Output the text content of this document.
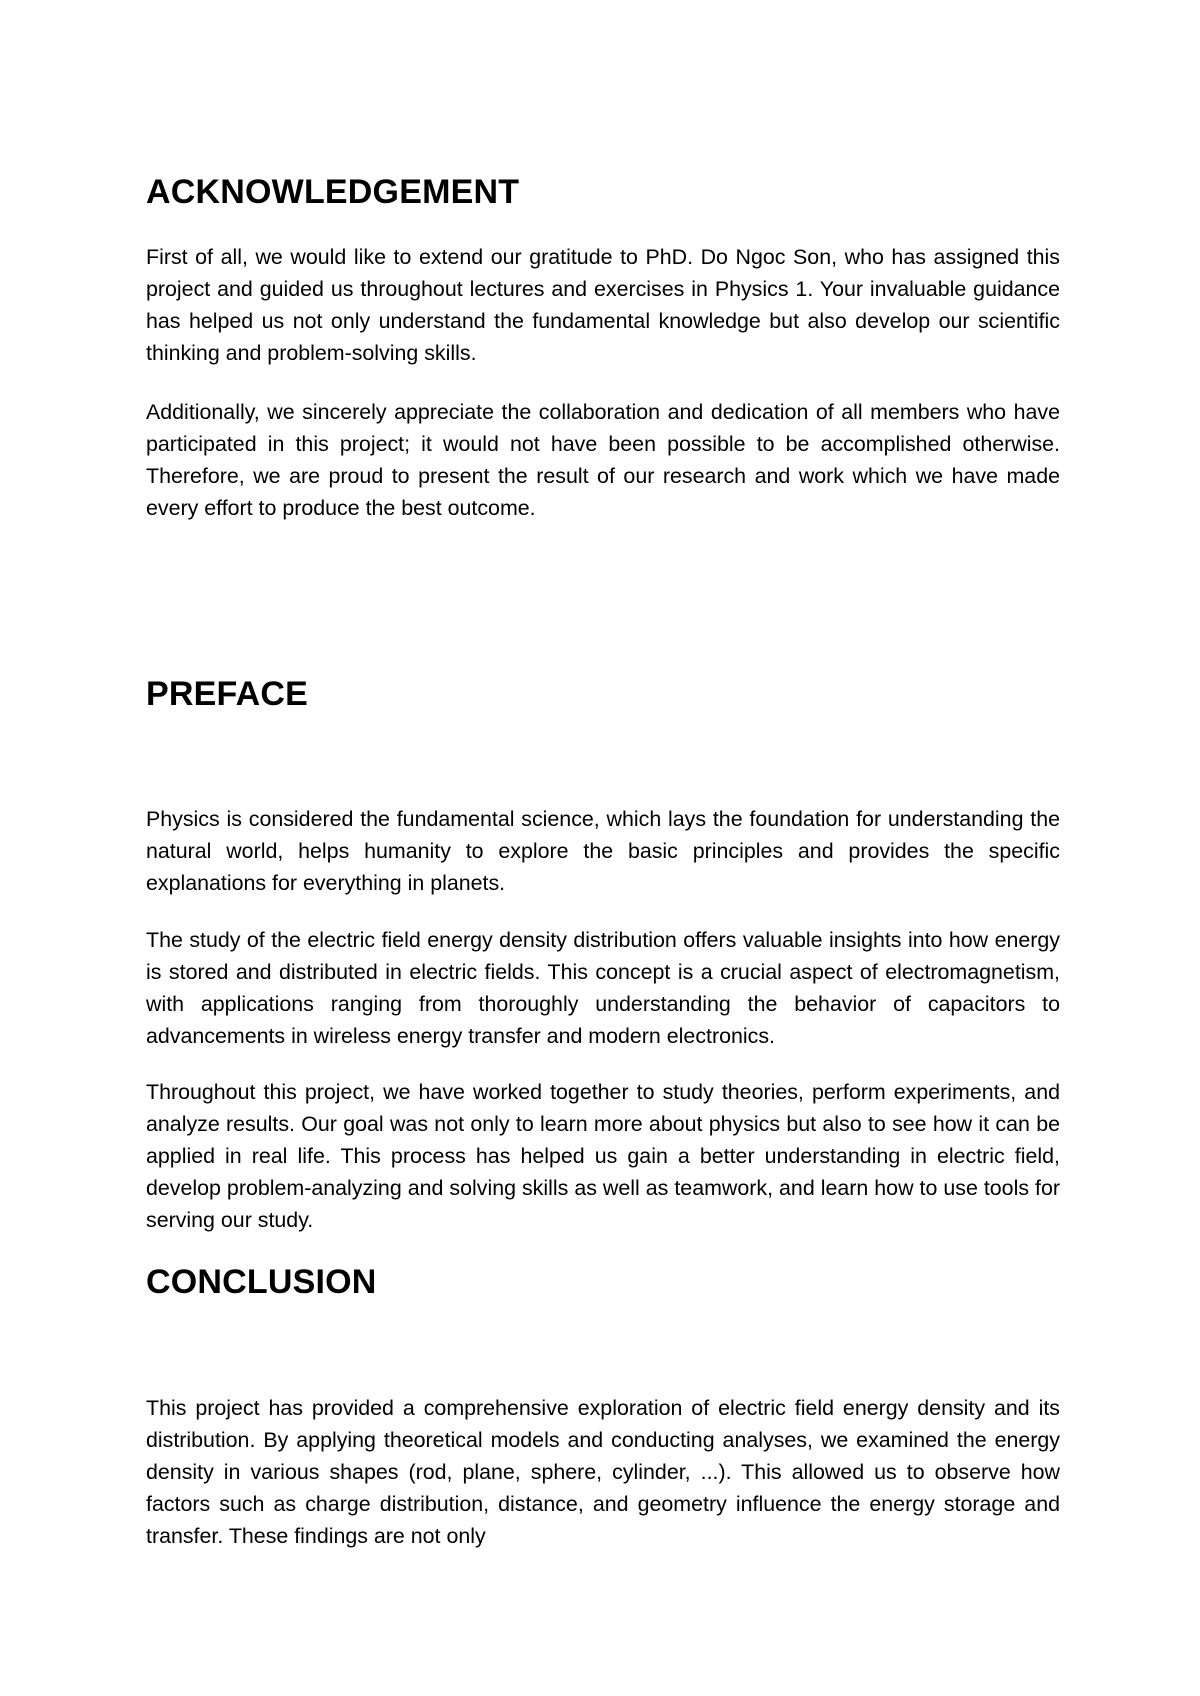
ACKNOWLEDGEMENT

First of all, we would like to extend our gratitude to PhD. Do Ngoc Son, who has assigned this project and guided us throughout lectures and exercises in Physics 1. Your invaluable guidance has helped us not only understand the fundamental knowledge but also develop our scientific thinking and problem-solving skills.

Additionally, we sincerely appreciate the collaboration and dedication of all members who have participated in this project; it would not have been possible to be accomplished otherwise. Therefore, we are proud to present the result of our research and work which we have made every effort to produce the best outcome.

PREFACE

Physics is considered the fundamental science, which lays the foundation for understanding the natural world, helps humanity to explore the basic principles and provides the specific explanations for everything in planets.

The study of the electric field energy density distribution offers valuable insights into how energy is stored and distributed in electric fields. This concept is a crucial aspect of electromagnetism, with applications ranging from thoroughly understanding the behavior of capacitors to advancements in wireless energy transfer and modern electronics.

Throughout this project, we have worked together to study theories, perform experiments, and analyze results. Our goal was not only to learn more about physics but also to see how it can be applied in real life. This process has helped us gain a better understanding in electric field, develop problem-analyzing and solving skills as well as teamwork, and learn how to use tools for serving our study.

CONCLUSION

This project has provided a comprehensive exploration of electric field energy density and its distribution. By applying theoretical models and conducting analyses, we examined the energy density in various shapes (rod, plane, sphere, cylinder, ...). This allowed us to observe how factors such as charge distribution, distance, and geometry influence the energy storage and transfer. These findings are not only
